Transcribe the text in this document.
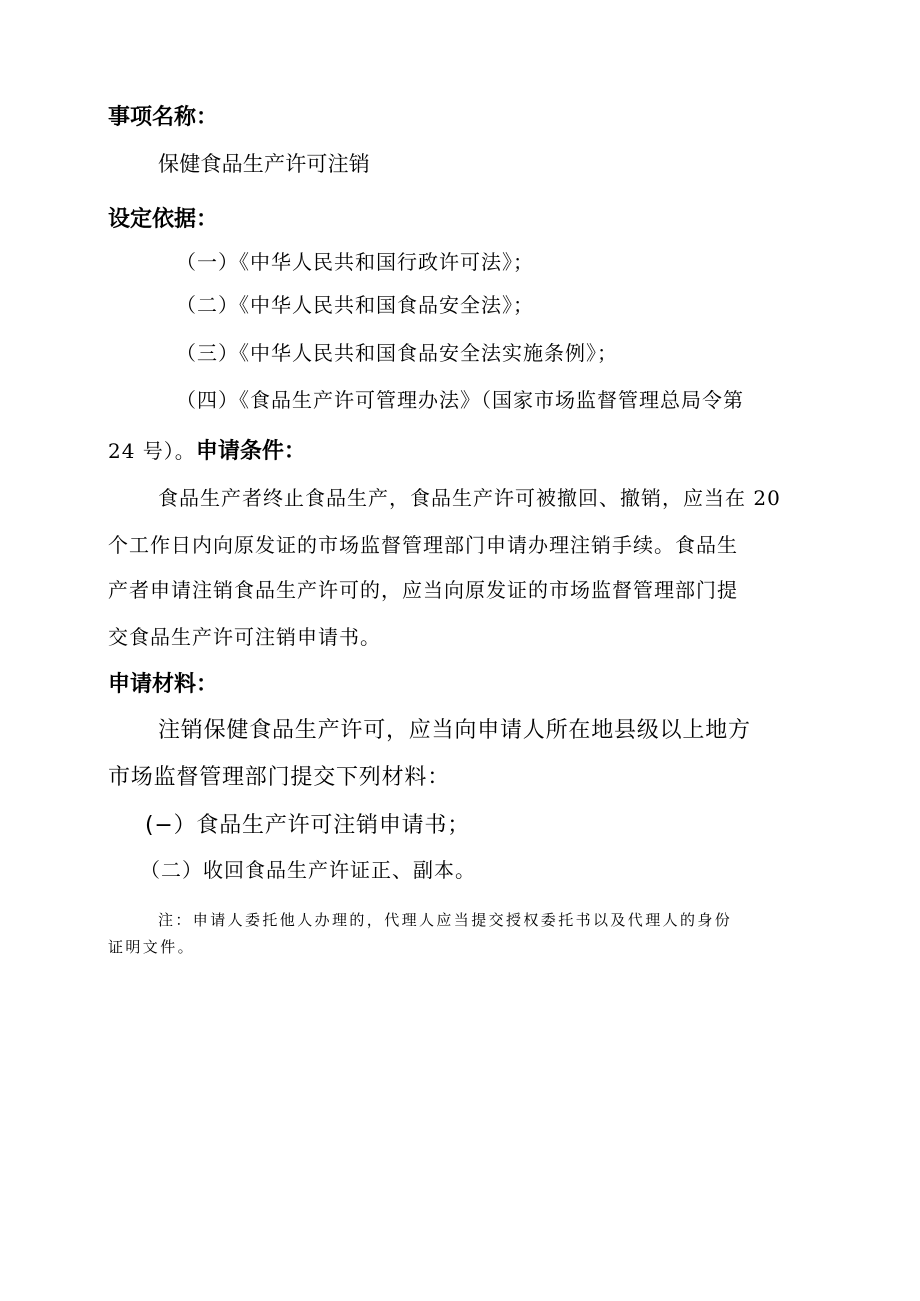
事项名称：
保健食品生产许可注销
设定依据：
（一）《中华人民共和国行政许可法》；
（二）《中华人民共和国食品安全法》；
（三）《中华人民共和国食品安全法实施条例》；
（四）《食品生产许可管理办法》（国家市场监督管理总局令第
24 号）。申请条件：
食品生产者终止食品生产，食品生产许可被撤回、撤销，应当在 20
个工作日内向原发证的市场监督管理部门申请办理注销手续。食品生
产者申请注销食品生产许可的，应当向原发证的市场监督管理部门提
交食品生产许可注销申请书。
申请材料：
注销保健食品生产许可，应当向申请人所在地县级以上地方
市场监督管理部门提交下列材料：
(−）食品生产许可注销申请书；
（二）收回食品生产许证正、副本。
注：申请人委托他人办理的，代理人应当提交授权委托书以及代理人的身份
证明文件。
